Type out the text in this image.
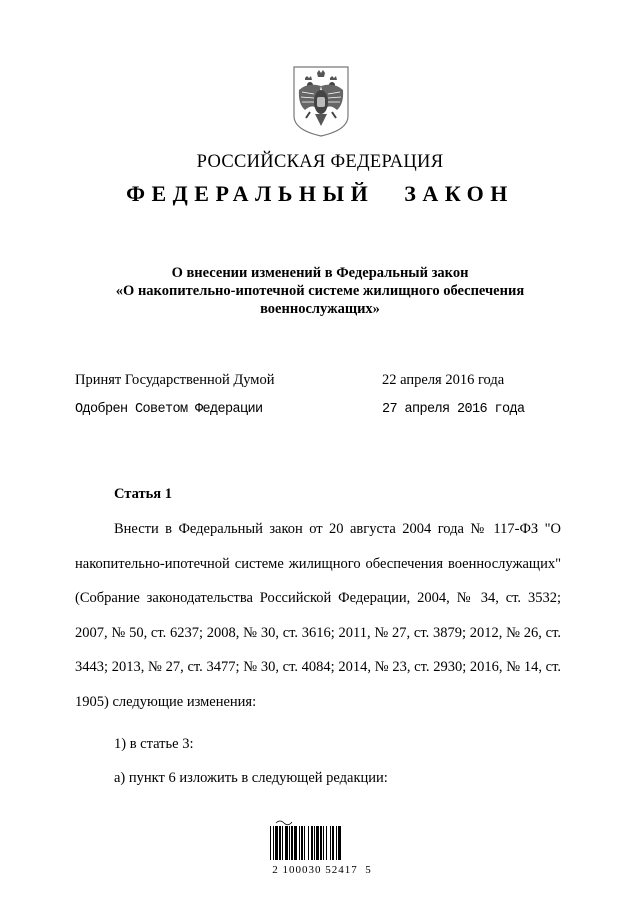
РОССИЙСКАЯ ФЕДЕРАЦИЯ
ФЕДЕРАЛЬНЫЙ ЗАКОН
О внесении изменений в Федеральный закон
«О накопительно-ипотечной системе жилищного обеспечения
военнослужащих»
Принят Государственной Думой	22 апреля 2016 года
Одобрен Советом Федерации	27 апреля 2016 года
Статья 1
Внести в Федеральный закон от 20 августа 2004 года № 117-ФЗ "О накопительно-ипотечной системе жилищного обеспечения военнослужащих" (Собрание законодательства Российской Федерации, 2004, № 34, ст. 3532; 2007, № 50, ст. 6237; 2008, № 30, ст. 3616; 2011, № 27, ст. 3879; 2012, № 26, ст. 3443; 2013, № 27, ст. 3477; № 30, ст. 4084; 2014, № 23, ст. 2930; 2016, № 14, ст. 1905) следующие изменения:
1) в статье 3:
а) пункт 6 изложить в следующей редакции:
2 100030 52417  5
